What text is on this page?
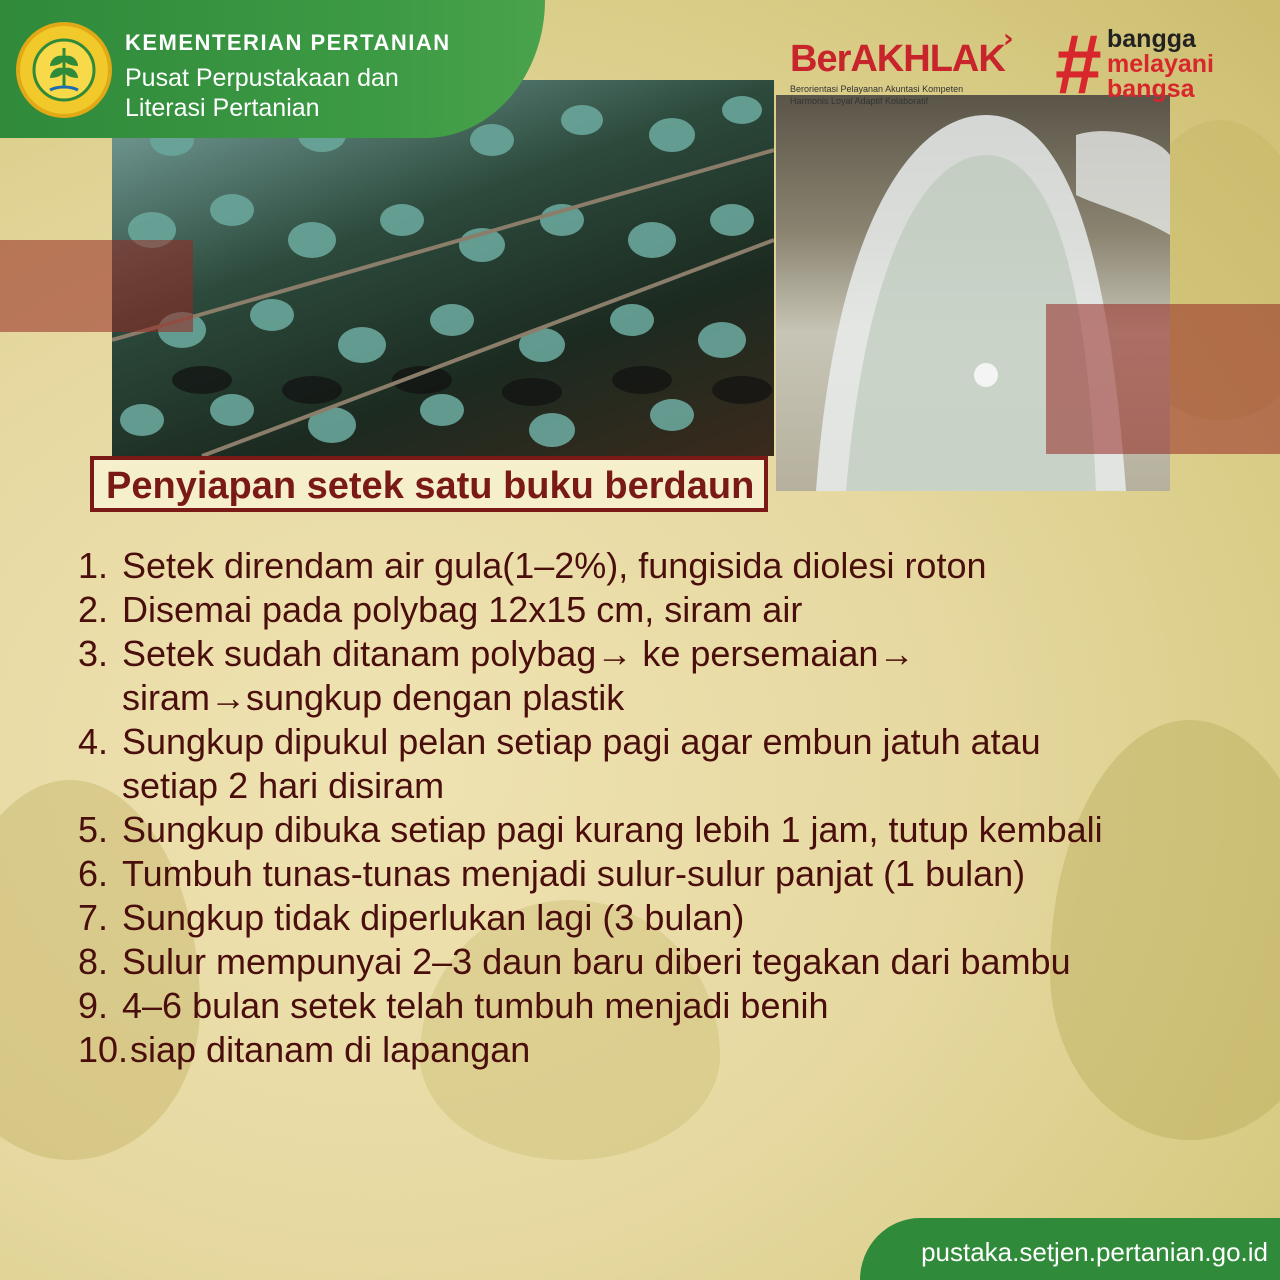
KEMENTERIAN PERTANIAN
Pusat Perpustakaan dan
Literasi Pertanian
BerAKHLAK
›
Berorientasi Pelayanan Akuntasi Kompeten
Harmonis Loyal Adaptif Kolaboratif # bangga
melayani
bangsa
Penyiapan setek satu buku berdaun
1. Setek direndam air gula(1–2%), fungisida diolesi roton
2. Disemai pada polybag 12x15 cm, siram air
3. Setek sudah ditanam polybag→ ke persemaian→ siram→sungkup dengan plastik
4. Sungkup dipukul pelan setiap pagi agar embun jatuh atau setiap 2 hari disiram
5. Sungkup dibuka setiap pagi kurang lebih 1 jam, tutup kembali
6. Tumbuh tunas-tunas menjadi sulur-sulur panjat (1 bulan)
7. Sungkup tidak diperlukan lagi (3 bulan)
8. Sulur mempunyai 2–3 daun baru diberi tegakan dari bambu
9. 4–6 bulan setek telah tumbuh menjadi benih
10. siap ditanam di lapangan
pustaka.setjen.pertanian.go.id
